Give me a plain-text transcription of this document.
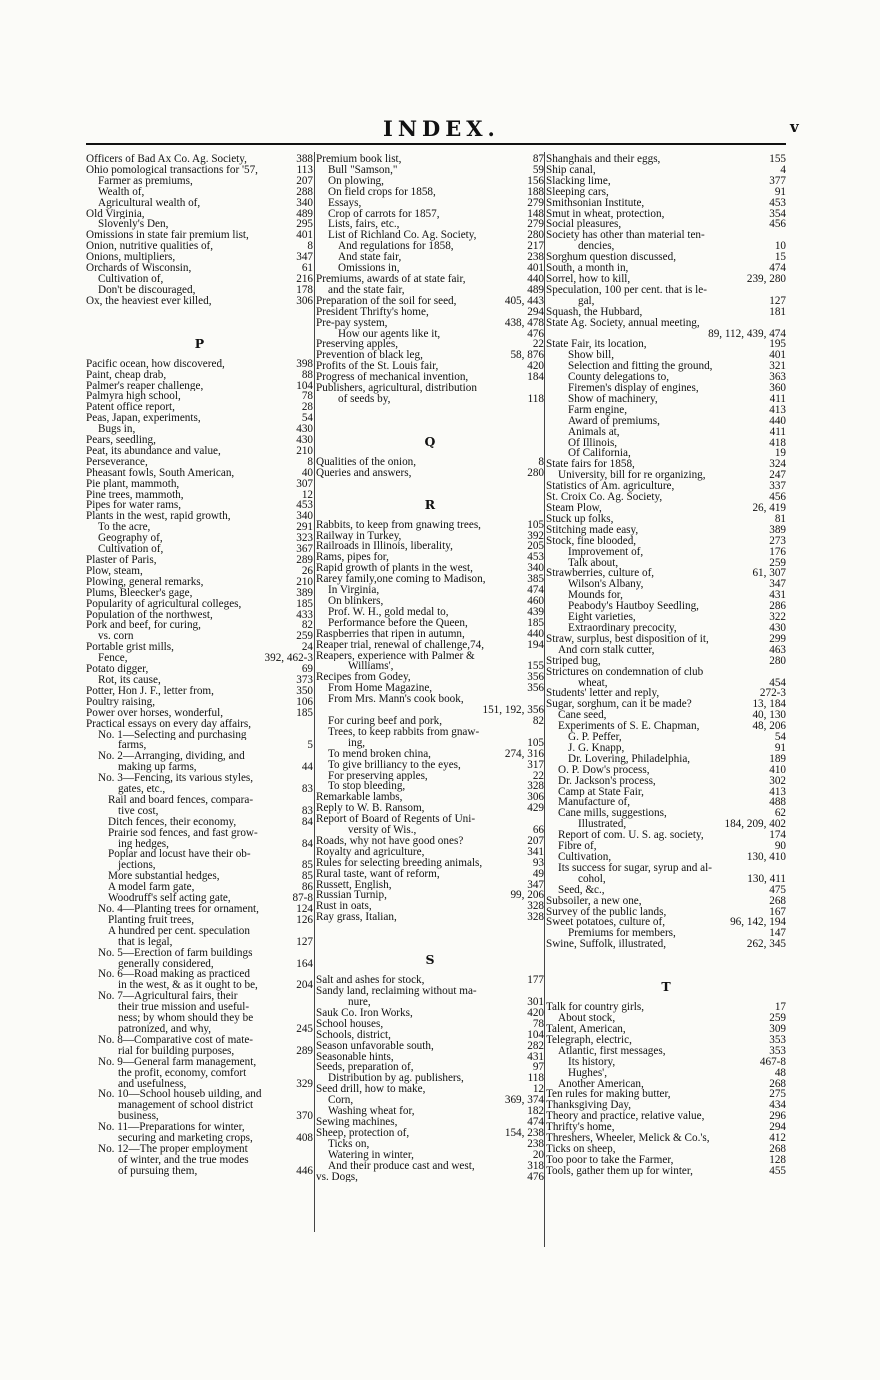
INDEX.	v
Officers of Bad Ax Co. Ag. Society,	388
Ohio pomological transactions for '57,	113
Farmer as premiums,	207
Wealth of,	288
Agricultural wealth of,	340
Old Virginia,	489
Slovenly's Den,	295
Omissions in state fair premium list,	401
Onion, nutritive qualities of,	8
Onions, multipliers,	347
Orchards of Wisconsin,	61
Cultivation of,	216
Don't be discouraged,	178
Ox, the heaviest ever killed,	306
P
Pacific ocean, how discovered,	398
Paint, cheap drab,	88
Palmer's reaper challenge,	104
Palmyra high school,	78
Patent office report,	28
Peas, Japan, experiments,	54
Bugs in,	430
Pears, seedling,	430
Peat, its abundance and value,	210
Perseverance,	8
Pheasant fowls, South American,	40
Pie plant, mammoth,	307
Pine trees, mammoth,	12
Pipes for water rams,	453
Plants in the west, rapid growth,	340
To the acre,	291
Geography of,	323
Cultivation of,	367
Plaster of Paris,	289
Plow, steam,	26
Plowing, general remarks,	210
Plums, Bleecker's gage,	389
Popularity of agricultural colleges,	185
Population of the northwest,	433
Pork and beef, for curing,	82
vs. corn	259
Portable grist mills,	24
Fence,	392, 462-3
Potato digger,	69
Rot, its cause,	373
Potter, Hon J. F., letter from,	350
Poultry raising,	106
Power over horses, wonderful,	185
Practical essays on every day affairs,
No. 1—Selecting and purchasing
farms,	5
No. 2—Arranging, dividing, and
making up farms,	44
No. 3—Fencing, its various styles,
gates, etc.,	83
Rail and board fences, compara-
tive cost,	83
Ditch fences, their economy,	84
Prairie sod fences, and fast grow-
ing hedges,	84
Poplar and locust have their ob-
jections,	85
More substantial hedges,	85
A model farm gate,	86
Woodruff's self acting gate,	87-8
No. 4—Planting trees for ornament,	124
Planting fruit trees,	126
A hundred per cent. speculation
that is legal,	127
No. 5—Erection of farm buildings
generally considered,	164
No. 6—Road making as practiced
in the west, & as it ought to be,	204
No. 7—Agricultural fairs, their
their true mission and useful-
ness; by whom should they be
patronized, and why,	245
No. 8—Comparative cost of mate-
rial for building purposes,	289
No. 9—General farm management,
the profit, economy, comfort
and usefulness,	329
No. 10—School houseb uilding, and
management of school district
business,	370
No. 11—Preparations for winter,
securing and marketing crops,	408
No. 12—The proper employment
of winter, and the true modes
of pursuing them,	446
Premium book list,	87
Bull "Samson,"	59
On plowing,	156
On field crops for 1858,	188
Essays,	279
Crop of carrots for 1857,	148
Lists, fairs, etc.,	279
List of Richland Co. Ag. Society,	280
And regulations for 1858,	217
And state fair,	238
Omissions in,	401
Premiums, awards of at state fair,	440
and the state fair,	489
Preparation of the soil for seed,	405, 443
President Thrifty's home,	294
Pre-pay system,	438, 478
How our agents like it,	476
Preserving apples,	22
Prevention of black leg,	58, 876
Profits of the St. Louis fair,	420
Progress of mechanical invention,	184
Publishers, agricultural, distribution
of seeds by,	118
Q
Qualities of the onion,	8
Queries and answers,	280
R
Rabbits, to keep from gnawing trees,	105
Railway in Turkey,	392
Railroads in Illinois, liberality,	205
Rams, pipes for,	453
Rapid growth of plants in the west,	340
Rarey family,one coming to Madison,	385
In Virginia,	474
On blinkers,	460
Prof. W. H., gold medal to,	439
Performance before the Queen,	185
Raspberries that ripen in autumn,	440
Reaper trial, renewal of challenge,74,	194
Reapers, experience with Palmer &
Williams',	155
Recipes from Godey,	356
From Home Magazine,	356
From Mrs. Mann's cook book,
151, 192, 356
For curing beef and pork,	82
Trees, to keep rabbits from gnaw-
ing,	105
To mend broken china,	274, 316
To give brilliancy to the eyes,	317
For preserving apples,	22
To stop bleeding,	328
Remarkable lambs,	306
Reply to W. B. Ransom,	429
Report of Board of Regents of Uni-
versity of Wis.,	66
Roads, why not have good ones?	207
Royalty and agriculture,	341
Rules for selecting breeding animals,	93
Rural taste, want of reform,	49
Russett, English,	347
Russian Turnip,	99, 206
Rust in oats,	328
Ray grass, Italian,	328
S
Salt and ashes for stock,	177
Sandy land, reclaiming without ma-
nure,	301
Sauk Co. Iron Works,	420
School houses,	78
Schools, district,	104
Season unfavorable south,	282
Seasonable hints,	431
Seeds, preparation of,	97
Distribution by ag. publishers,	118
Seed drill, how to make,	12
Corn,	369, 374
Washing wheat for,	182
Sewing machines,	474
Sheep, protection of,	154, 238
Ticks on,	238
Watering in winter,	20
And their produce cast and west,	318
vs. Dogs,	476
Shanghais and their eggs,	155
Ship canal,	4
Slacking lime,	377
Sleeping cars,	91
Smithsonian Institute,	453
Smut in wheat, protection,	354
Social pleasures,	456
Society has other than material ten-
dencies,	10
Sorghum question discussed,	15
South, a month in,	474
Sorrel, how to kill,	239, 280
Speculation, 100 per cent. that is le-
gal,	127
Squash, the Hubbard,	181
State Ag. Society, annual meeting,
89, 112, 439, 474
State Fair, its location,	195
Show bill,	401
Selection and fitting the ground,	321
County delegations to,	363
Firemen's display of engines,	360
Show of machinery,	411
Farm engine,	413
Award of premiums,	440
Animals at,	411
Of Illinois,	418
Of California,	19
State fairs for 1858,	324
University, bill for re organizing,	247
Statistics of Am. agriculture,	337
St. Croix Co. Ag. Society,	456
Steam Plow,	26, 419
Stuck up folks,	81
Stitching made easy,	389
Stock, fine blooded,	273
Improvement of,	176
Talk about,	259
Strawberries, culture of,	61, 307
Wilson's Albany,	347
Mounds for,	431
Peabody's Hautboy Seedling,	286
Eight varieties,	322
Extraordinary precocity,	430
Straw, surplus, best disposition of it,	299
And corn stalk cutter,	463
Striped bug,	280
Strictures on condemnation of club
wheat,	454
Students' letter and reply,	272-3
Sugar, sorghum, can it be made?	13, 184
Cane seed,	40, 130
Experiments of S. E. Chapman,	48, 206
G. P. Peffer,	54
J. G. Knapp,	91
Dr. Lovering, Philadelphia,	189
O. P. Dow's process,	410
Dr. Jackson's process,	302
Camp at State Fair,	413
Manufacture of,	488
Cane mills, suggestions,	62
Illustrated,	184, 209, 402
Report of com. U. S. ag. society,	174
Fibre of,	90
Cultivation,	130, 410
Its success for sugar, syrup and al-
cohol,	130, 411
Seed, &c.,	475
Subsoiler, a new one,	268
Survey of the public lands,	167
Sweet potatoes, culture of,	96, 142, 194
Premiums for members,	147
Swine, Suffolk, illustrated,	262, 345
T
Talk for country girls,	17
About stock,	259
Talent, American,	309
Telegraph, electric,	353
Atlantic, first messages,	353
Its history,	467-8
Hughes',	48
Another American,	268
Ten rules for making butter,	275
Thanksgiving Day,	434
Theory and practice, relative value,	296
Thrifty's home,	294
Threshers, Wheeler, Melick & Co.'s,	412
Ticks on sheep,	268
Too poor to take the Farmer,	128
Tools, gather them up for winter,	455
